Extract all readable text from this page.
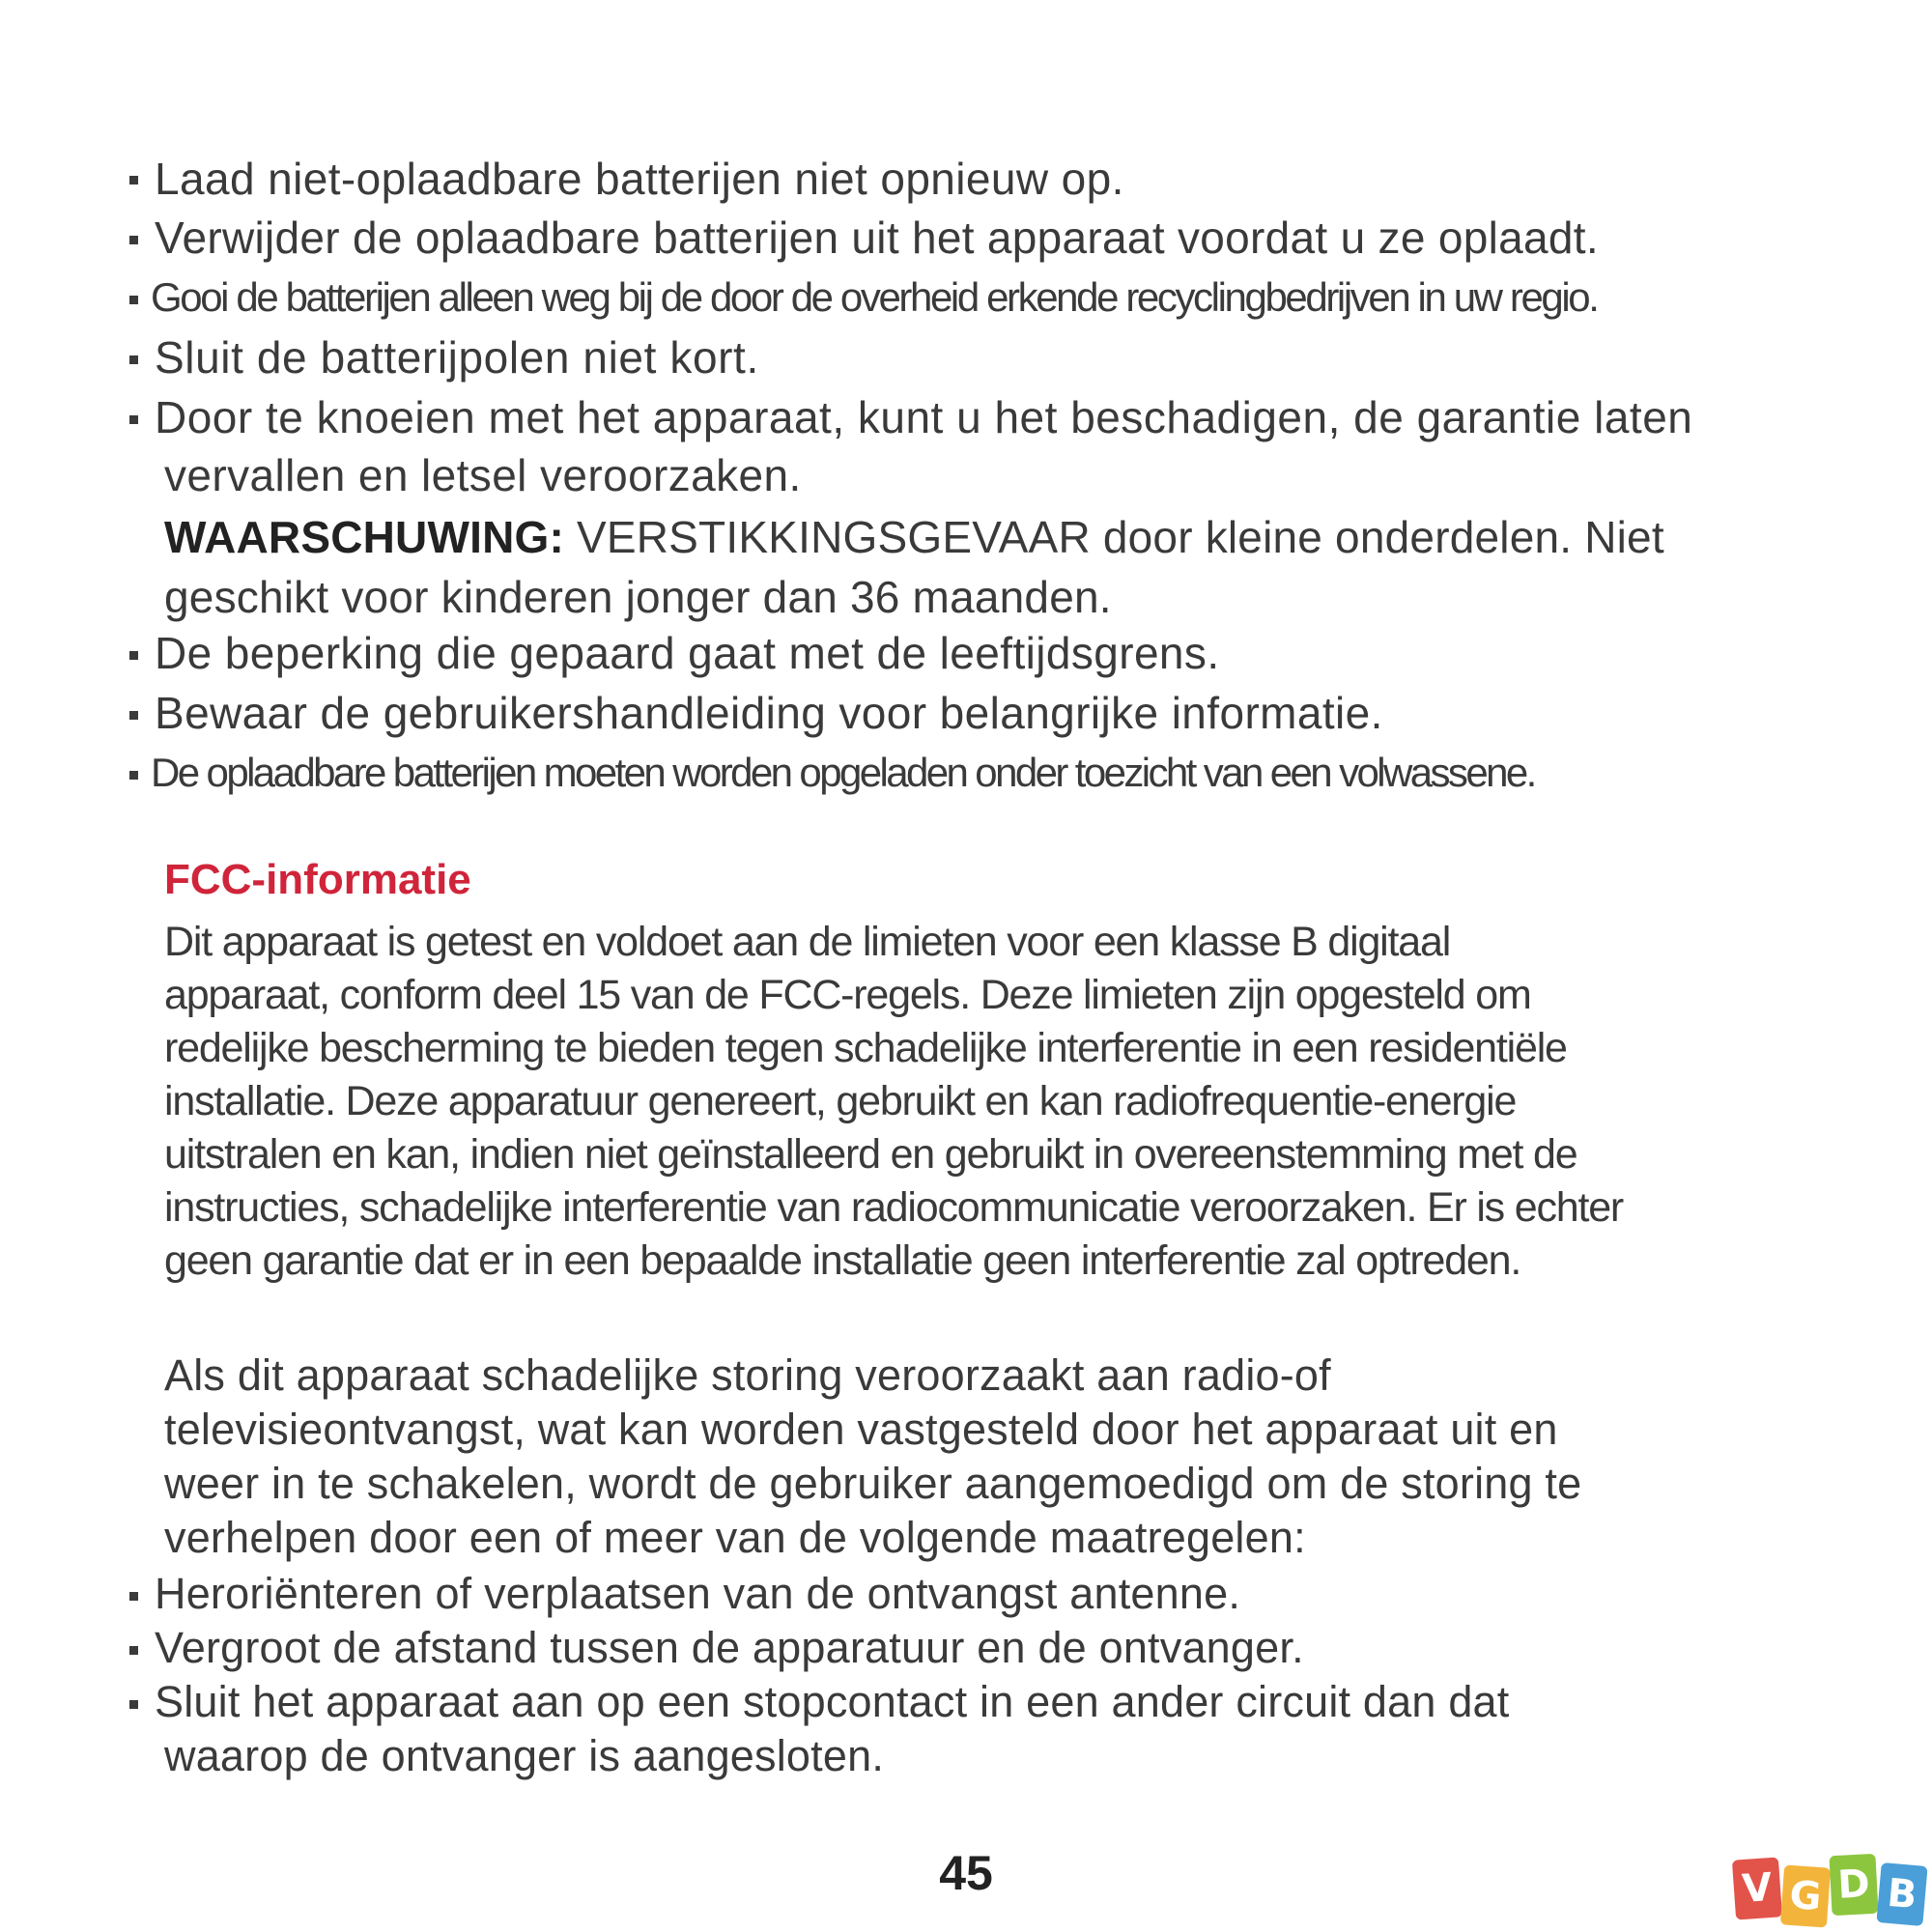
Laad niet-oplaadbare batterijen niet opnieuw op.
Verwijder de oplaadbare batterijen uit het apparaat voordat u ze oplaadt.
Gooi de batterijen alleen weg bij de door de overheid erkende recyclingbedrijven in uw regio.
Sluit de batterijpolen niet kort.
Door te knoeien met het apparaat, kunt u het beschadigen, de garantie laten
vervallen en letsel veroorzaken.
WAARSCHUWING: VERSTIKKINGSGEVAAR door kleine onderdelen. Niet
geschikt voor kinderen jonger dan 36 maanden.
De beperking die gepaard gaat met de leeftijdsgrens.
Bewaar de gebruikershandleiding voor belangrijke informatie.
De oplaadbare batterijen moeten worden opgeladen onder toezicht van een volwassene.
FCC-informatie
Dit apparaat is getest en voldoet aan de limieten voor een klasse B digitaal
apparaat, conform deel 15 van de FCC-regels. Deze limieten zijn opgesteld om
redelijke bescherming te bieden tegen schadelijke interferentie in een residentiële
installatie. Deze apparatuur genereert, gebruikt en kan radiofrequentie-energie
uitstralen en kan, indien niet geïnstalleerd en gebruikt in overeenstemming met de
instructies, schadelijke interferentie van radiocommunicatie veroorzaken. Er is echter
geen garantie dat er in een bepaalde installatie geen interferentie zal optreden.
Als dit apparaat schadelijke storing veroorzaakt aan radio-of
televisieontvangst, wat kan worden vastgesteld door het apparaat uit en
weer in te schakelen, wordt de gebruiker aangemoedigd om de storing te
verhelpen door een of meer van de volgende maatregelen:
Heroriënteren of verplaatsen van de ontvangst antenne.
Vergroot de afstand tussen de apparatuur en de ontvanger.
Sluit het apparaat aan op een stopcontact in een ander circuit dan dat
waarop de ontvanger is aangesloten.
45	V G D B
